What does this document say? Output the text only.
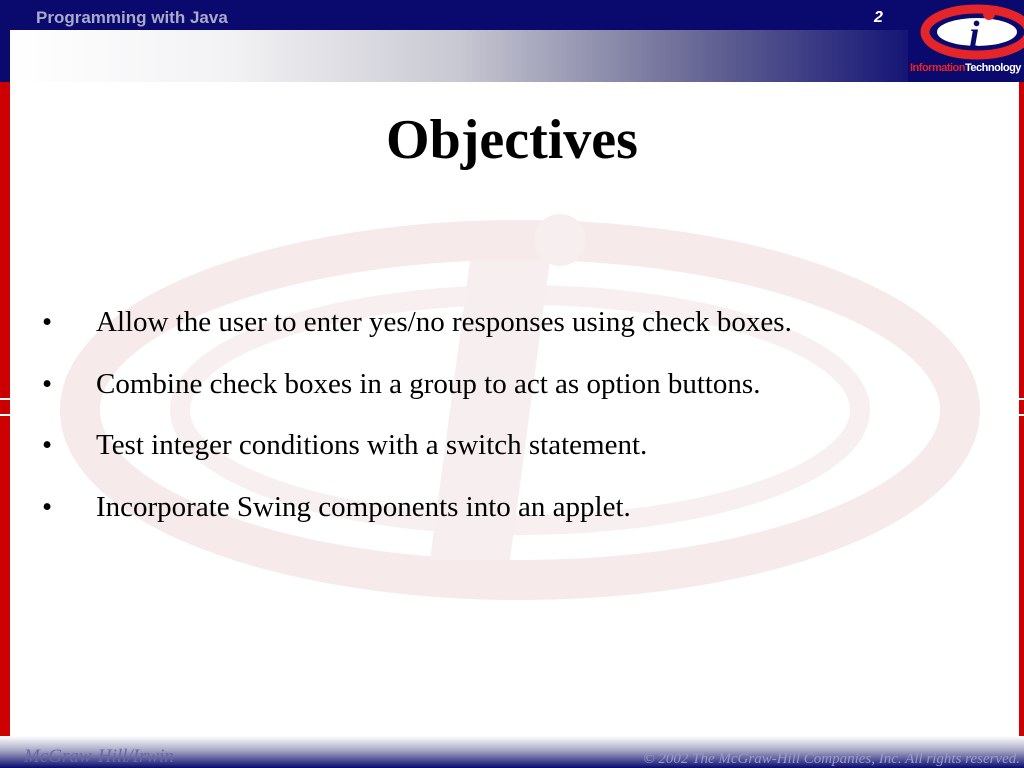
Programming with Java	2 i
InformationTechnology
Objectives
• Allow the user to enter yes/no responses using check boxes.
• Combine check boxes in a group to act as option buttons.
• Test integer conditions with a switch statement.
• Incorporate Swing components into an applet.
McGraw-Hill/Irwin	© 2002 The McGraw-Hill Companies, Inc. All rights reserved.
